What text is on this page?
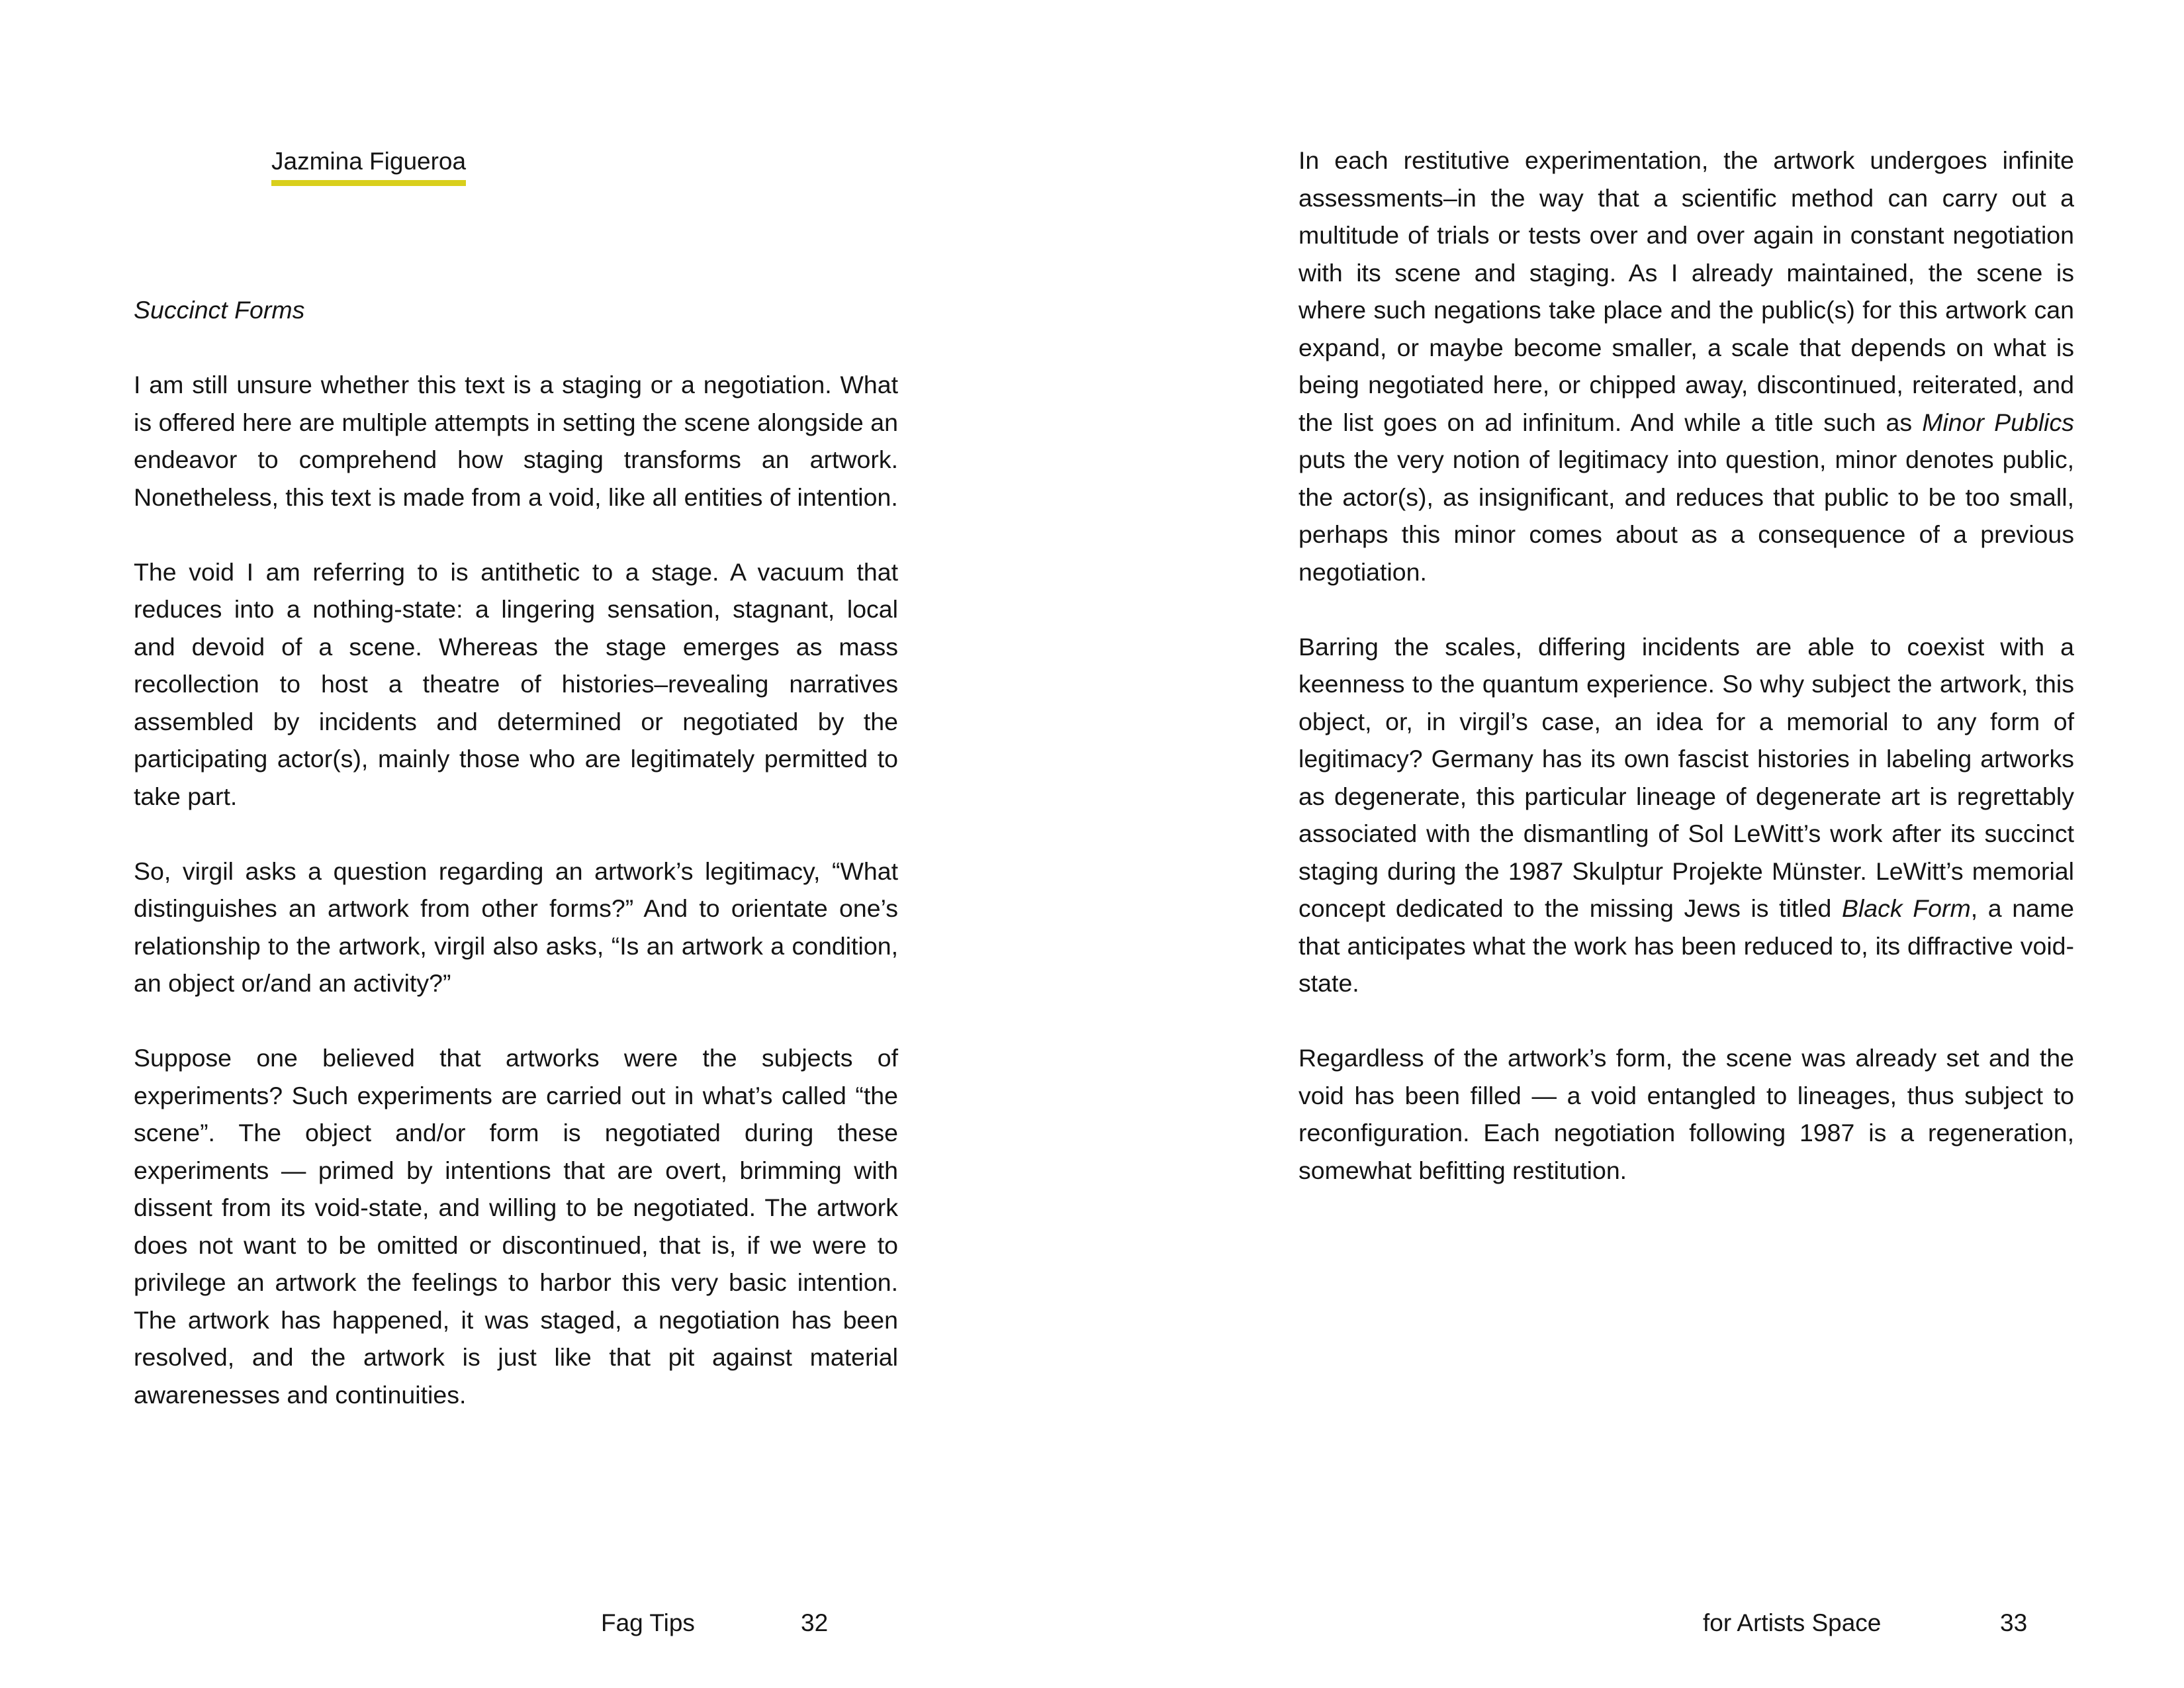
Jazmina Figueroa

Succinct Forms

I am still unsure whether this text is a staging or a negotiation. What is offered here are multiple attempts in setting the scene alongside an endeavor to comprehend how staging transforms an artwork. Nonetheless, this text is made from a void, like all entities of intention.

The void I am referring to is antithetic to a stage. A vacuum that reduces into a nothing-state: a lingering sensation, stagnant, local and devoid of a scene. Whereas the stage emerges as mass recollection to host a theatre of histories–revealing narratives assembled by incidents and determined or negotiated by the participating actor(s), mainly those who are legitimately permitted to take part.

So, virgil asks a question regarding an artwork’s legitimacy, “What distinguishes an artwork from other forms?” And to orientate one’s relationship to the artwork, virgil also asks, “Is an artwork a condition, an object or/and an activity?”

Suppose one believed that artworks were the subjects of experiments? Such experiments are carried out in what’s called “the scene”. The object and/or form is negotiated during these experiments — primed by intentions that are overt, brimming with dissent from its void-state, and willing to be negotiated. The artwork does not want to be omitted or discontinued, that is, if we were to privilege an artwork the feelings to harbor this very basic intention. The artwork has happened, it was staged, a negotiation has been resolved, and the artwork is just like that pit against material awarenesses and continuities.

Fag Tips	32

In each restitutive experimentation, the artwork undergoes infinite assessments–in the way that a scientific method can carry out a multitude of trials or tests over and over again in constant negotiation with its scene and staging. As I already maintained, the scene is where such negations take place and the public(s) for this artwork can expand, or maybe become smaller, a scale that depends on what is being negotiated here, or chipped away, discontinued, reiterated, and the list goes on ad infinitum. And while a title such as Minor Publics puts the very notion of legitimacy into question, minor denotes public, the actor(s), as insignificant, and reduces that public to be too small, perhaps this minor comes about as a consequence of a previous negotiation.

Barring the scales, differing incidents are able to coexist with a keenness to the quantum experience. So why subject the artwork, this object, or, in virgil’s case, an idea for a memorial to any form of legitimacy? Germany has its own fascist histories in labeling artworks as degenerate, this particular lineage of degenerate art is regrettably associated with the dismantling of Sol LeWitt’s work after its succinct staging during the 1987 Skulptur Projekte Münster. LeWitt’s memorial concept dedicated to the missing Jews is titled Black Form, a name that anticipates what the work has been reduced to, its diffractive void-state.

Regardless of the artwork’s form, the scene was already set and the void has been filled — a void entangled to lineages, thus subject to reconfiguration. Each negotiation following 1987 is a regeneration, somewhat befitting restitution.

for Artists Space	33
